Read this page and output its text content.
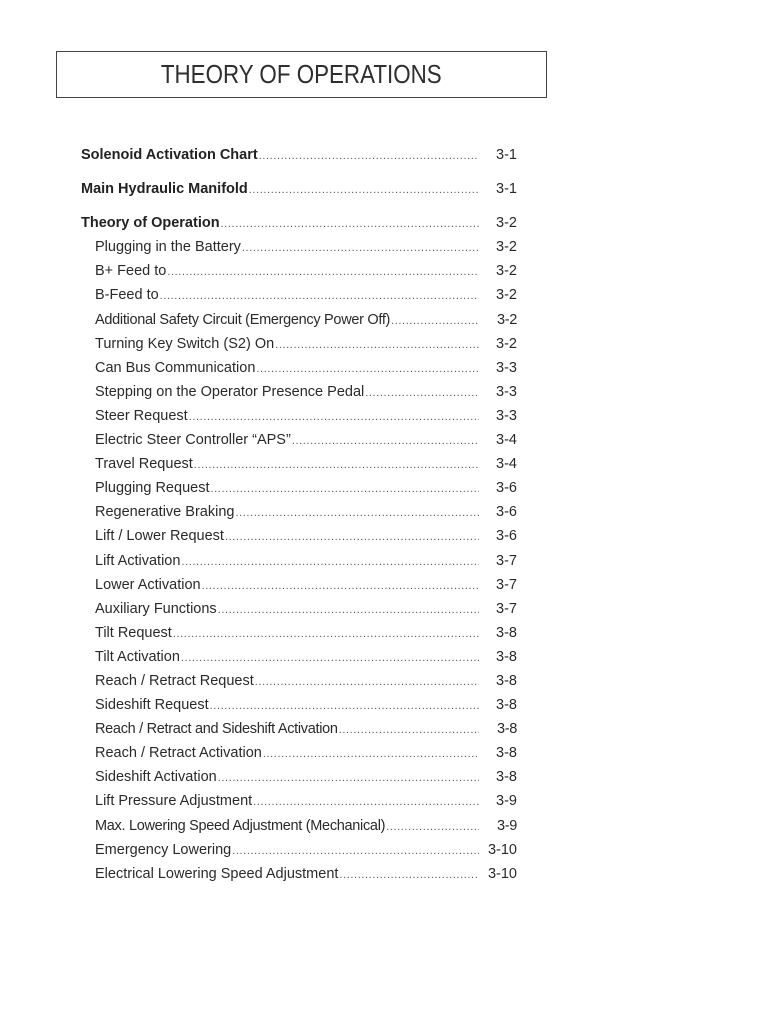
THEORY OF OPERATIONS
Solenoid Activation Chart .....	3-1
Main Hydraulic Manifold .....	3-1
Theory of Operation .....	3-2
Plugging in the Battery .....	3-2
B+ Feed to .....	3-2
B-Feed to .....	3-2
Additional Safety Circuit (Emergency Power Off) .....	3-2
Turning Key Switch (S2) On .....	3-2
Can Bus Communication .....	3-3
Stepping on the Operator Presence Pedal .....	3-3
Steer Request .....	3-3
Electric Steer Controller “APS” .....	3-4
Travel Request .....	3-4
Plugging Request .....	3-6
Regenerative Braking .....	3-6
Lift / Lower Request .....	3-6
Lift Activation .....	3-7
Lower Activation .....	3-7
Auxiliary Functions .....	3-7
Tilt Request .....	3-8
Tilt Activation .....	3-8
Reach / Retract Request .....	3-8
Sideshift Request .....	3-8
Reach / Retract and Sideshift Activation .....	3-8
Reach / Retract Activation .....	3-8
Sideshift Activation .....	3-8
Lift Pressure Adjustment .....	3-9
Max. Lowering Speed Adjustment (Mechanical) .....	3-9
Emergency Lowering .....	3-10
Electrical Lowering Speed Adjustment .....	3-10
